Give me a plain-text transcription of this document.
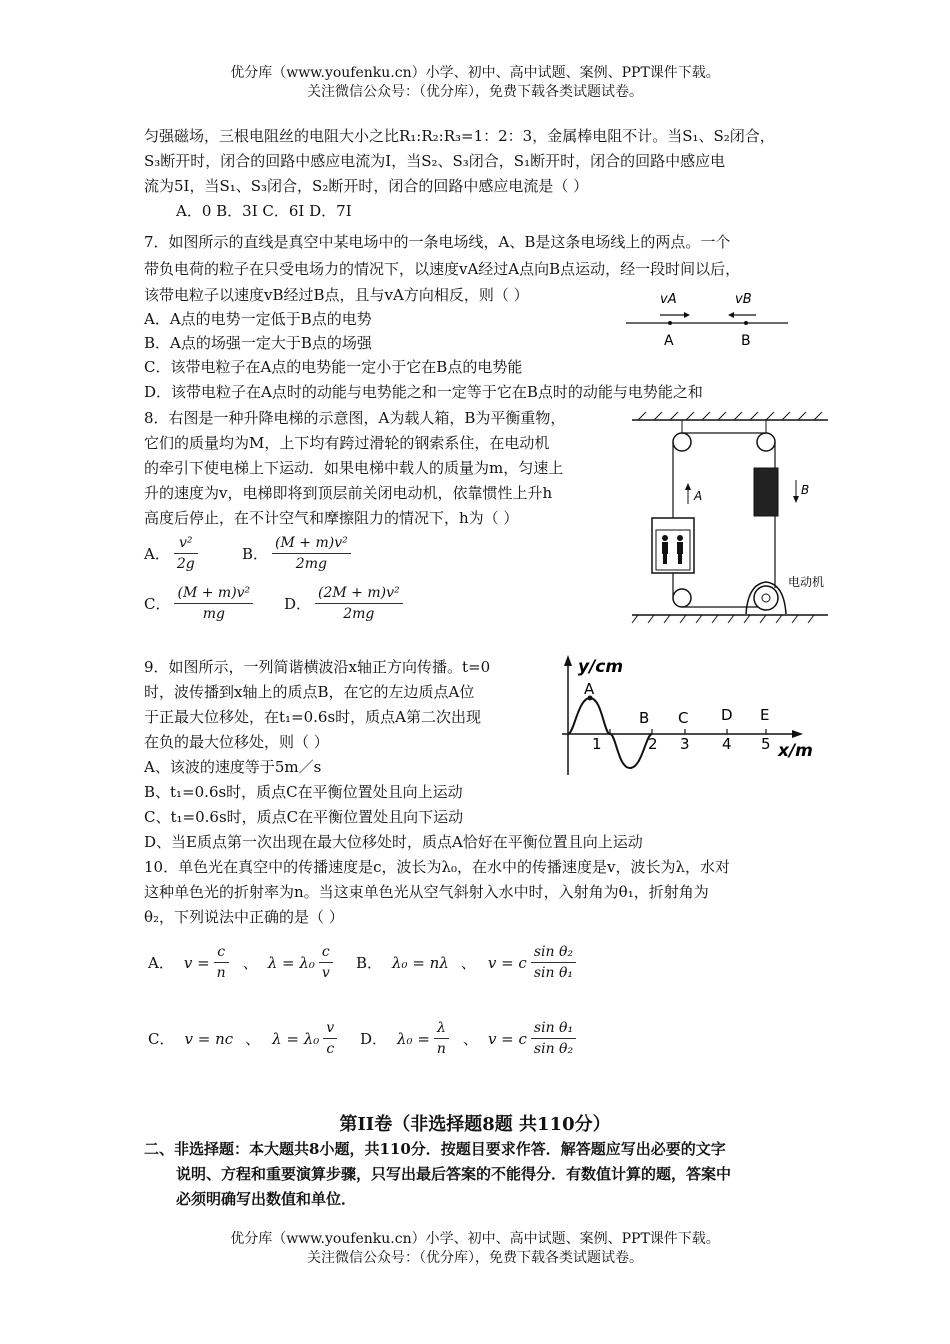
优分库（www.youfenku.cn）小学、初中、高中试题、案例、PPT课件下载。
关注微信公众号：（优分库），免费下载各类试题试卷。
匀强磁场，三根电阻丝的电阻大小之比R₁:R₂:R₃=1：2：3，金属棒电阻不计。当S₁、S₂闭合，
S₃断开时，闭合的回路中感应电流为I，当S₂、S₃闭合，S₁断开时，闭合的回路中感应电
流为5I，当S₁、S₃闭合，S₂断开时，闭合的回路中感应电流是（ ）
A．0 B．3I C．6I D．7I
7．如图所示的直线是真空中某电场中的一条电场线，A、B是这条电场线上的两点。一个
带负电荷的粒子在只受电场力的情况下，以速度vA经过A点向B点运动，经一段时间以后，
该带电粒子以速度vB经过B点，且与vA方向相反，则（ ）
A．A点的电势一定低于B点的电势
B．A点的场强一定大于B点的场强
C．该带电粒子在A点的电势能一定小于它在B点的电势能
D．该带电粒子在A点时的动能与电势能之和一定等于它在B点时的动能与电势能之和
vA	vB
A	B
8．右图是一种升降电梯的示意图，A为载人箱，B为平衡重物，
它们的质量均为M，上下均有跨过滑轮的钢索系住，在电动机
的牵引下使电梯上下运动．如果电梯中载人的质量为m，匀速上
升的速度为v，电梯即将到顶层前关闭电动机，依靠惯性上升h
高度后停止，在不计空气和摩擦阻力的情况下，h为（ ）
A． $\frac{\text{v²}}{2g}$	B． $\frac{\text{(M + m)v²}}{2mg}$
C． $\frac{\text{(M + m)v²}}{mg}$ D． $\frac{\text{(2M + m)v²}}{2mg}$
B
A
电动机
9．如图所示，一列简谐横波沿x轴正方向传播。t=0
时，波传播到x轴上的质点B，在它的左边质点A位
于正最大位移处，在t₁=0.6s时，质点A第二次出现
在负的最大位移处，则（ ）
A、该波的速度等于5m／s
B、t₁=0.6s时，质点C在平衡位置处且向上运动
C、t₁=0.6s时，质点C在平衡位置处且向下运动
D、当E质点第一次出现在最大位移处时，质点A恰好在平衡位置且向上运动
y/cm
x/m
A
B C D E
1	2 3 4 5
10．单色光在真空中的传播速度是c，波长为λ₀，在水中的传播速度是v，波长为λ，水对
这种单色光的折射率为n。当这束单色光从空气斜射入水中时，入射角为θ₁，折射角为
θ₂，下列说法中正确的是（ ）
A． $v = \frac{c}{n}$ 、 $\lambda = \lambda_0 \frac{c}{v}$ B． λ₀ = nλ 、 v = c $\frac{\text{sin θ₂}}{\text{sin θ₁}}$
C． v = nc 、 $\lambda = \lambda_0 \frac{v}{c}$ D． $\lambda_0 = \frac{\lambda}{n}$ 、 v = c $\frac{\text{sin θ₁}}{\text{sin θ₂}}$
第II卷（非选择题8题 共110分）
二、非选择题：本大题共8小题，共110分．按题目要求作答．解答题应写出必要的文字
说明、方程和重要演算步骤，只写出最后答案的不能得分．有数值计算的题，答案中
必须明确写出数值和单位．
优分库（www.youfenku.cn）小学、初中、高中试题、案例、PPT课件下载。
关注微信公众号：（优分库），免费下载各类试题试卷。
